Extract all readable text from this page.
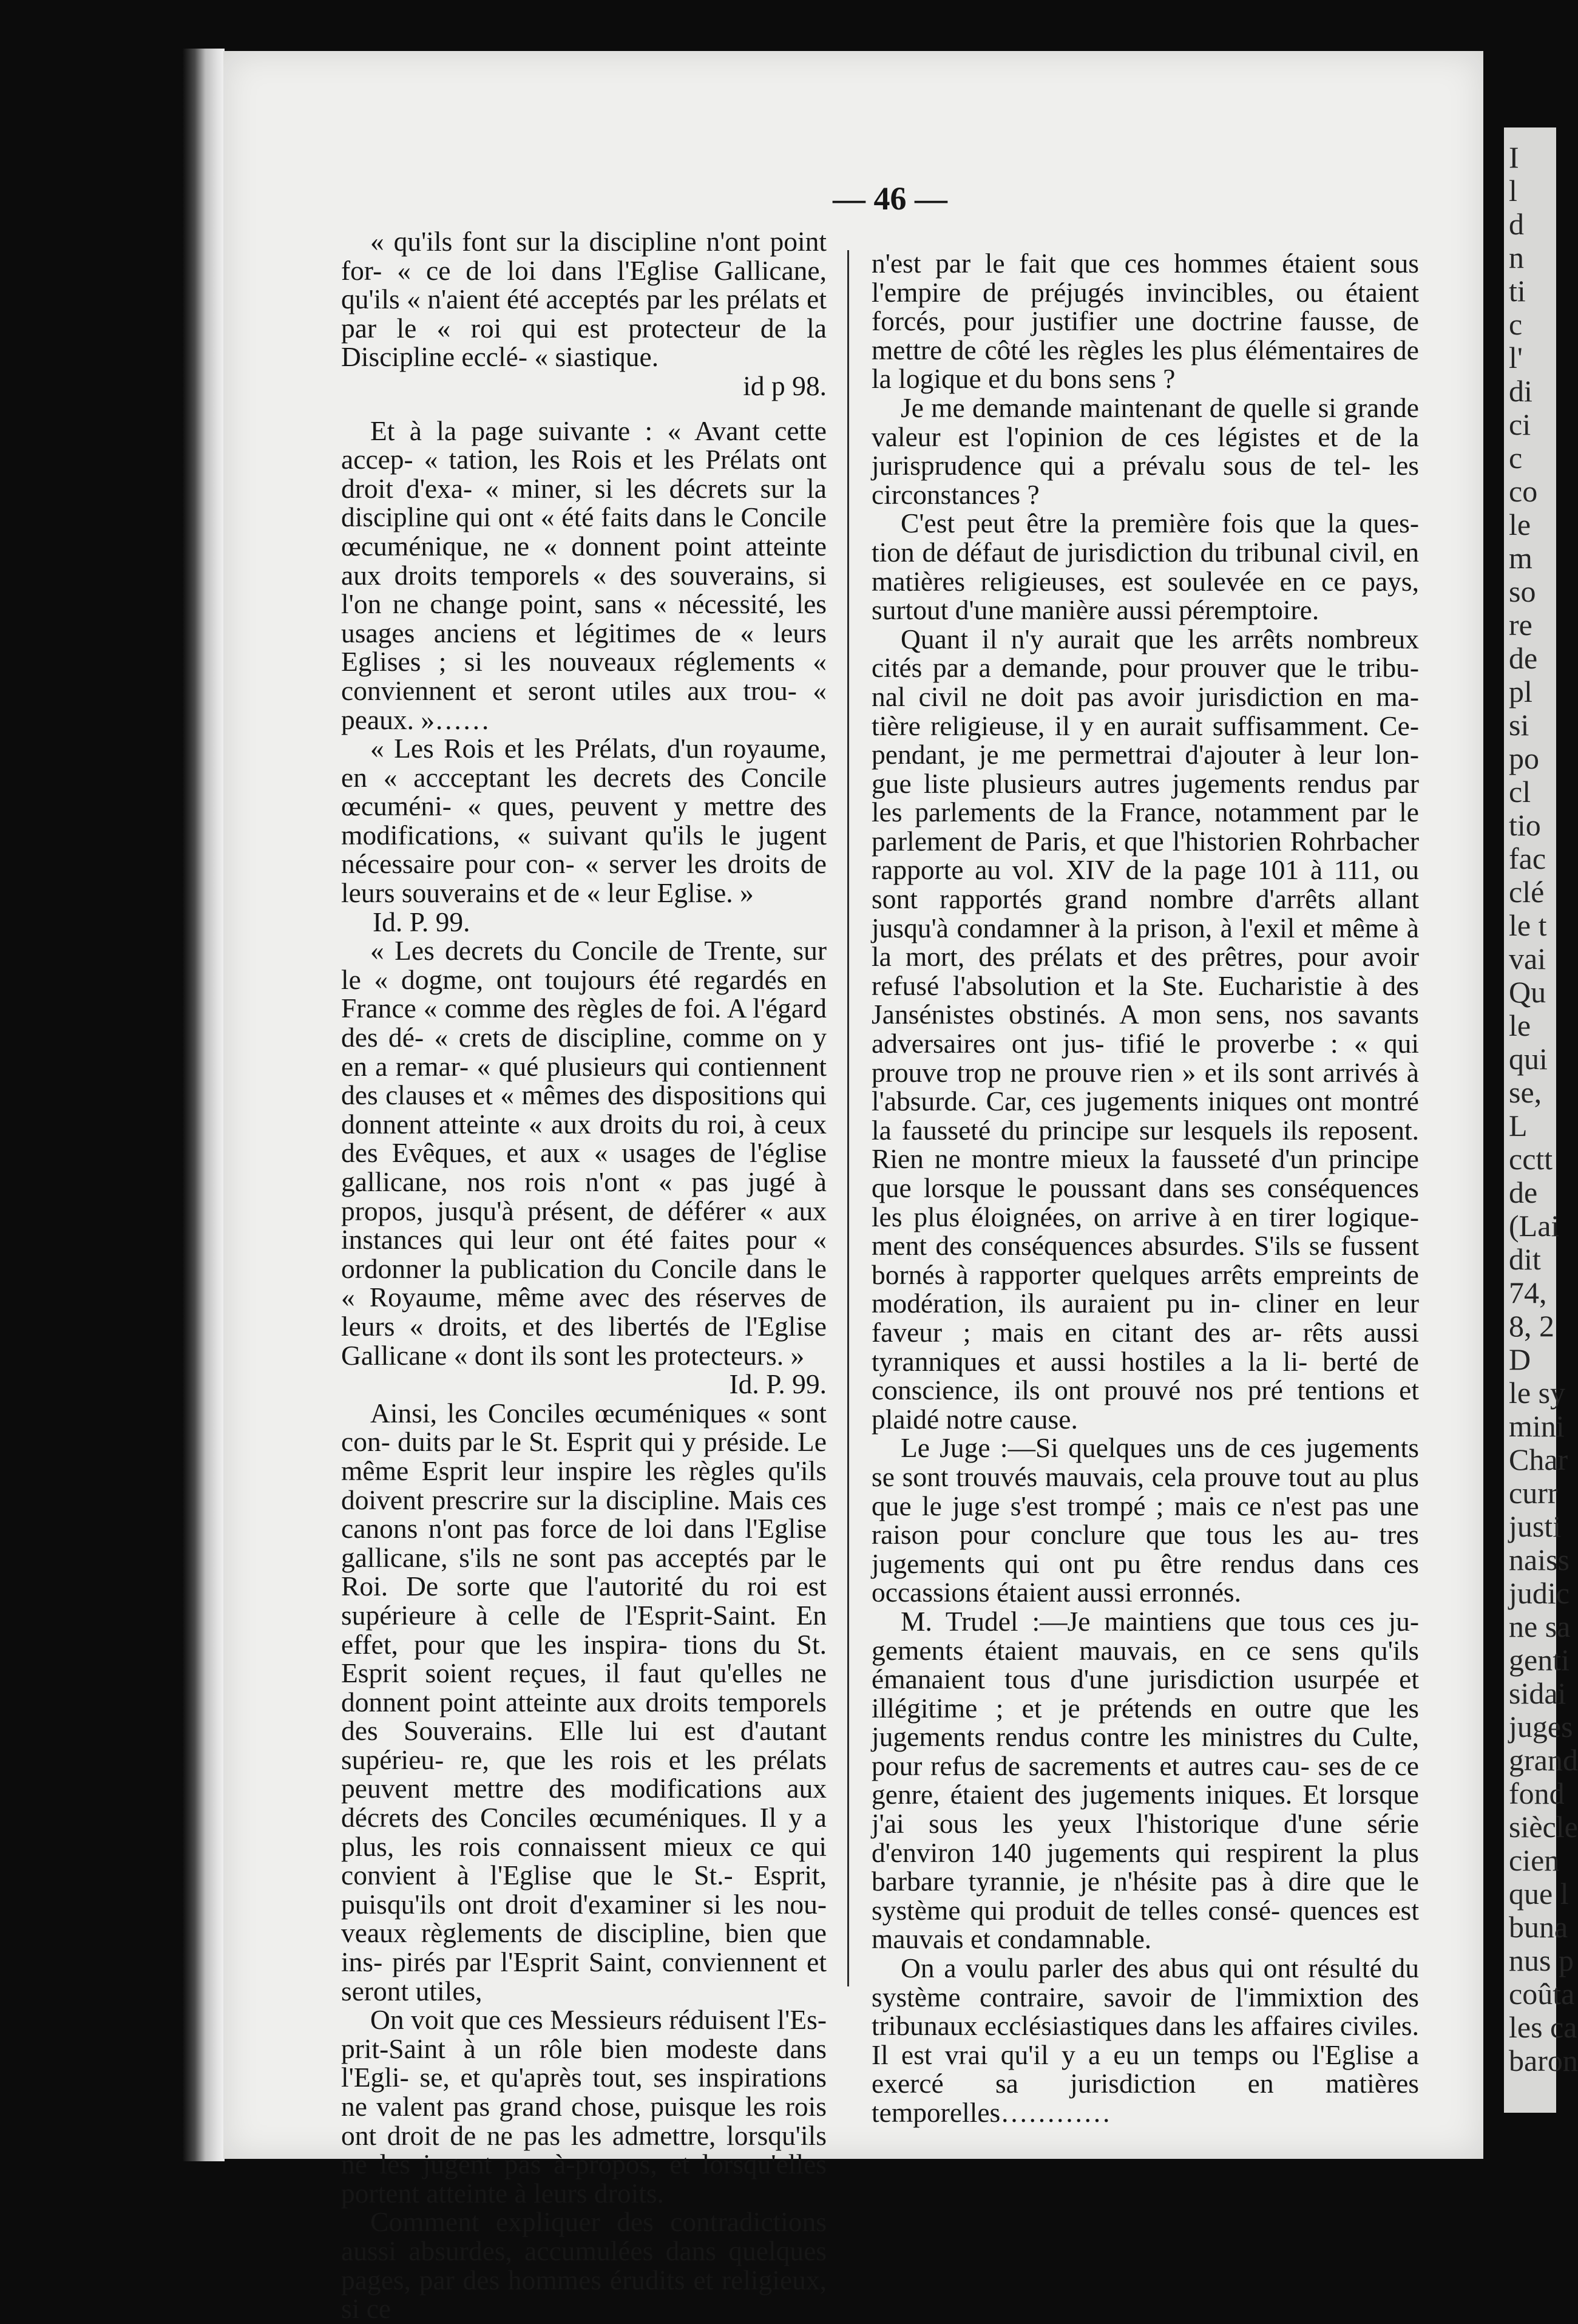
I
l
d
n
ti
c
l'
di
ci
c
co
le
m
so
re
de
pl
si
po
cl
tio
fac
clé
le t
vai
Qu
le
qui
se,
L
cctt
de
(Lai
dit
74,
8, 2
D
le sy
mini
Char
curr
justi
naiss
judic
ne sa
genti
sidai
juges
grand
fond
siècle
cien
que l
buna
nus p
coûta
les ca
baron
— 46 —

« qu'ils font sur la discipline n'ont point for- « ce de loi dans l'Eglise Gallicane, qu'ils « n'aient été acceptés par les prélats et par le « roi qui est protecteur de la Discipline ecclé- « siastique.

id p 98.

Et à la page suivante : « Avant cette accep- « tation, les Rois et les Prélats ont droit d'exa- « miner, si les décrets sur la discipline qui ont « été faits dans le Concile œcuménique, ne « donnent point atteinte aux droits temporels « des souverains, si l'on ne change point, sans « nécessité, les usages anciens et légitimes de « leurs Eglises ; si les nouveaux réglements « conviennent et seront utiles aux trou- « peaux. »……

« Les Rois et les Prélats, d'un royaume, en « accceptant les decrets des Concile œcuméni- « ques, peuvent y mettre des modifications, « suivant qu'ils le jugent nécessaire pour con- « server les droits de leurs souverains et de « leur Eglise. »

Id. P. 99.

« Les decrets du Concile de Trente, sur le « dogme, ont toujours été regardés en France « comme des règles de foi. A l'égard des dé- « crets de discipline, comme on y en a remar- « qué plusieurs qui contiennent des clauses et « mêmes des dispositions qui donnent atteinte « aux droits du roi, à ceux des Evêques, et aux « usages de l'église gallicane, nos rois n'ont « pas jugé à propos, jusqu'à présent, de déférer « aux instances qui leur ont été faites pour « ordonner la publication du Concile dans le « Royaume, même avec des réserves de leurs « droits, et des libertés de l'Eglise Gallicane « dont ils sont les protecteurs. »

Id. P. 99.

Ainsi, les Conciles œcuméniques « sont con- duits par le St. Esprit qui y préside. Le même Esprit leur inspire les règles qu'ils doivent prescrire sur la discipline. Mais ces canons n'ont pas force de loi dans l'Eglise gallicane, s'ils ne sont pas acceptés par le Roi. De sorte que l'autorité du roi est supérieure à celle de l'Esprit-Saint. En effet, pour que les inspira- tions du St. Esprit soient reçues, il faut qu'elles ne donnent point atteinte aux droits temporels des Souverains. Elle lui est d'autant supérieu- re, que les rois et les prélats peuvent mettre des modifications aux décrets des Conciles œcuméniques. Il y a plus, les rois connaissent mieux ce qui convient à l'Eglise que le St.- Esprit, puisqu'ils ont droit d'examiner si les nou- veaux règlements de discipline, bien que ins- pirés par l'Esprit Saint, conviennent et seront utiles,

On voit que ces Messieurs réduisent l'Es- prit-Saint à un rôle bien modeste dans l'Egli- se, et qu'après tout, ses inspirations ne valent pas grand chose, puisque les rois ont droit de ne pas les admettre, lorsqu'ils ne les jugent pas à-propos, et lorsqu'elles portent atteinte à leurs droits.

Comment expliquer des contradictions aussi absurdes, accumulées dans quelques pages, par des hommes érudits et religieux, si ce

n'est par le fait que ces hommes étaient sous l'empire de préjugés invincibles, ou étaient forcés, pour justifier une doctrine fausse, de mettre de côté les règles les plus élémentaires de la logique et du bons sens ?

Je me demande maintenant de quelle si grande valeur est l'opinion de ces légistes et de la jurisprudence qui a prévalu sous de tel- les circonstances ?

C'est peut être la première fois que la ques- tion de défaut de jurisdiction du tribunal civil, en matières religieuses, est soulevée en ce pays, surtout d'une manière aussi péremptoire.

Quant il n'y aurait que les arrêts nombreux cités par a demande, pour prouver que le tribu- nal civil ne doit pas avoir jurisdiction en ma- tière religieuse, il y en aurait suffisamment. Ce- pendant, je me permettrai d'ajouter à leur lon- gue liste plusieurs autres jugements rendus par les parlements de la France, notamment par le parlement de Paris, et que l'historien Rohrbacher rapporte au vol. XIV de la page 101 à 111, ou sont rapportés grand nombre d'arrêts allant jusqu'à condamner à la prison, à l'exil et même à la mort, des prélats et des prêtres, pour avoir refusé l'absolution et la Ste. Eucharistie à des Jansénistes obstinés. A mon sens, nos savants adversaires ont jus- tifié le proverbe : « qui prouve trop ne prouve rien » et ils sont arrivés à l'absurde. Car, ces jugements iniques ont montré la fausseté du principe sur lesquels ils reposent. Rien ne montre mieux la fausseté d'un principe que lorsque le poussant dans ses conséquences les plus éloignées, on arrive à en tirer logique- ment des conséquences absurdes. S'ils se fussent bornés à rapporter quelques arrêts empreints de modération, ils auraient pu in- cliner en leur faveur ; mais en citant des ar- rêts aussi tyranniques et aussi hostiles a la li- berté de conscience, ils ont prouvé nos pré tentions et plaidé notre cause.

Le Juge :—Si quelques uns de ces jugements se sont trouvés mauvais, cela prouve tout au plus que le juge s'est trompé ; mais ce n'est pas une raison pour conclure que tous les au- tres jugements qui ont pu être rendus dans ces occassions étaient aussi erronnés.

M. Trudel :—Je maintiens que tous ces ju- gements étaient mauvais, en ce sens qu'ils émanaient tous d'une jurisdiction usurpée et illégitime ; et je prétends en outre que les jugements rendus contre les ministres du Culte, pour refus de sacrements et autres cau- ses de ce genre, étaient des jugements iniques. Et lorsque j'ai sous les yeux l'historique d'une série d'environ 140 jugements qui respirent la plus barbare tyrannie, je n'hésite pas à dire que le système qui produit de telles consé- quences est mauvais et condamnable.

On a voulu parler des abus qui ont résulté du système contraire, savoir de l'immixtion des tribunaux ecclésiastiques dans les affaires civiles. Il est vrai qu'il y a eu un temps ou l'Eglise a exercé sa jurisdiction en matières temporelles…………
